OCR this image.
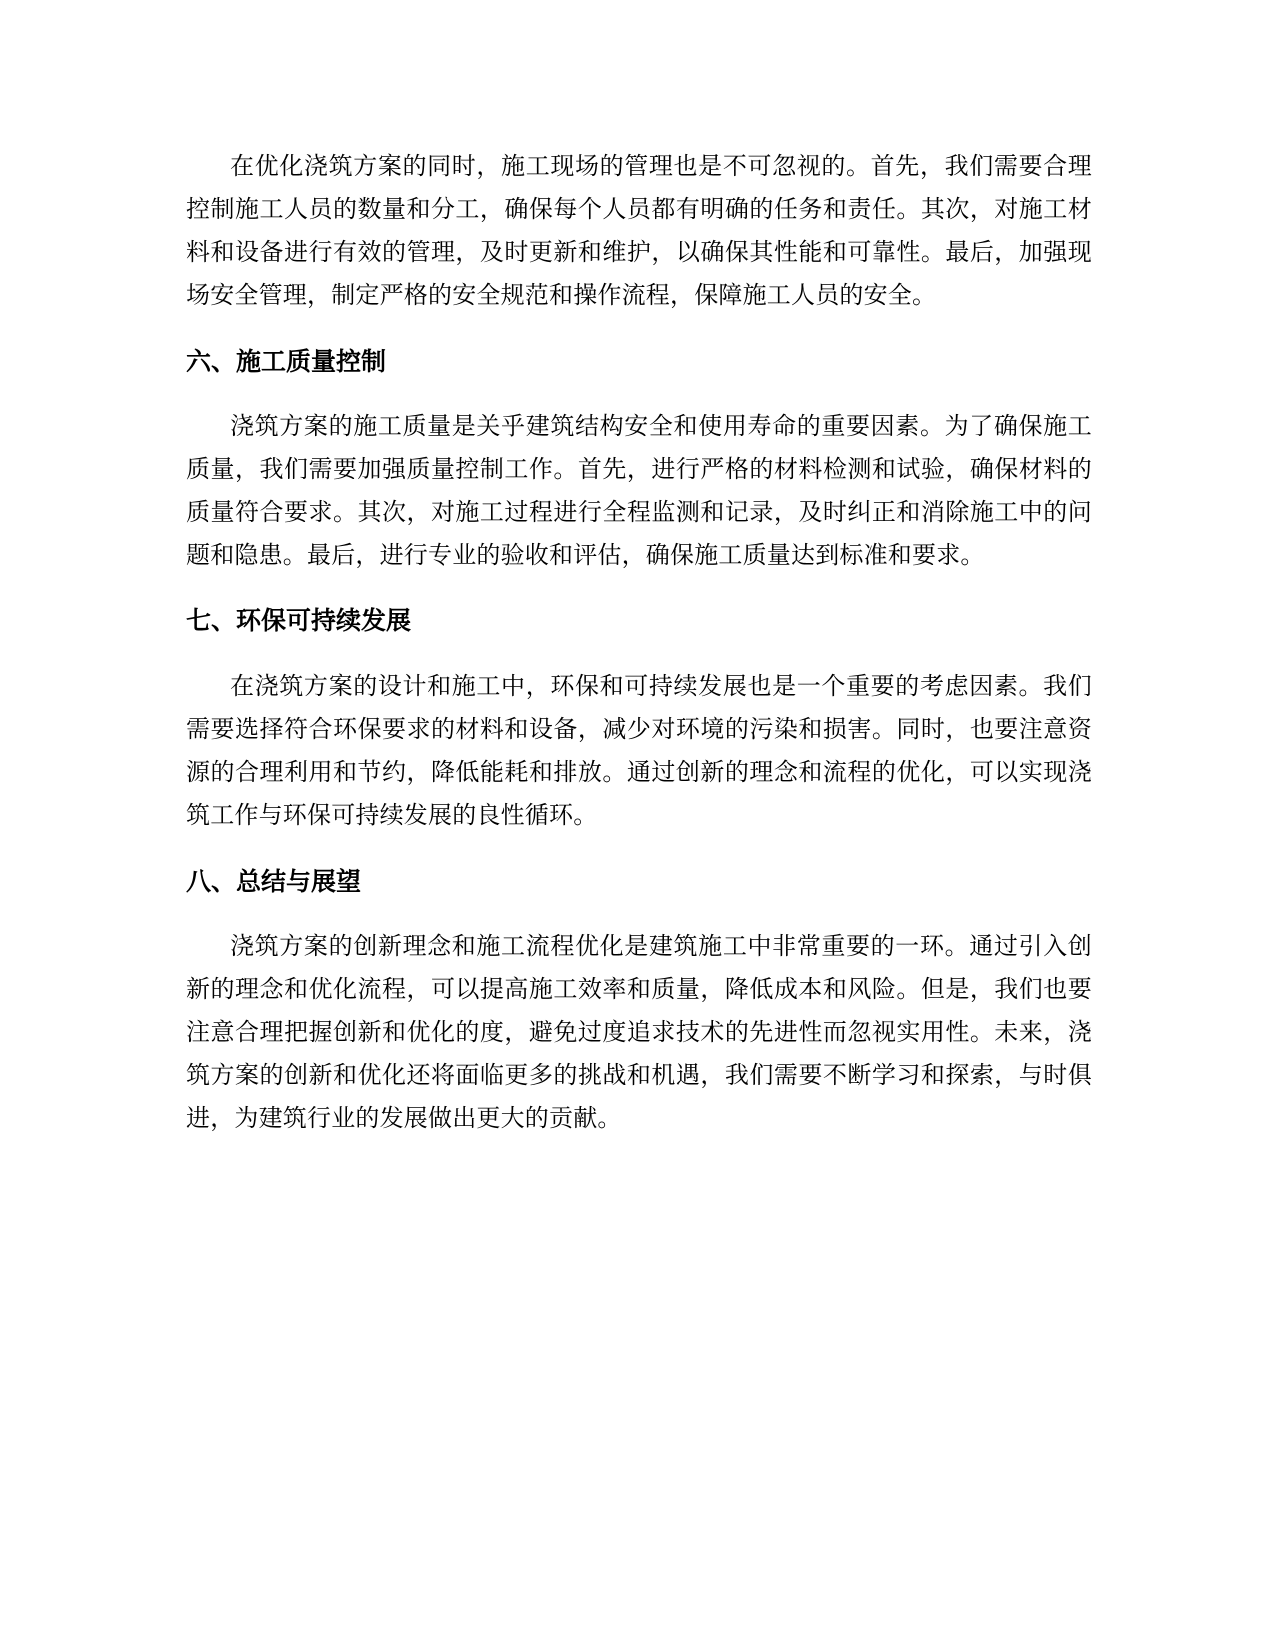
在优化浇筑方案的同时，施工现场的管理也是不可忽视的。首先，我们需要合理控制施工人员的数量和分工，确保每个人员都有明确的任务和责任。其次，对施工材料和设备进行有效的管理，及时更新和维护，以确保其性能和可靠性。最后，加强现场安全管理，制定严格的安全规范和操作流程，保障施工人员的安全。

六、施工质量控制

浇筑方案的施工质量是关乎建筑结构安全和使用寿命的重要因素。为了确保施工质量，我们需要加强质量控制工作。首先，进行严格的材料检测和试验，确保材料的质量符合要求。其次，对施工过程进行全程监测和记录，及时纠正和消除施工中的问题和隐患。最后，进行专业的验收和评估，确保施工质量达到标准和要求。

七、环保可持续发展

在浇筑方案的设计和施工中，环保和可持续发展也是一个重要的考虑因素。我们需要选择符合环保要求的材料和设备，减少对环境的污染和损害。同时，也要注意资源的合理利用和节约，降低能耗和排放。通过创新的理念和流程的优化，可以实现浇筑工作与环保可持续发展的良性循环。

八、总结与展望

浇筑方案的创新理念和施工流程优化是建筑施工中非常重要的一环。通过引入创新的理念和优化流程，可以提高施工效率和质量，降低成本和风险。但是，我们也要注意合理把握创新和优化的度，避免过度追求技术的先进性而忽视实用性。未来，浇筑方案的创新和优化还将面临更多的挑战和机遇，我们需要不断学习和探索，与时俱进，为建筑行业的发展做出更大的贡献。
